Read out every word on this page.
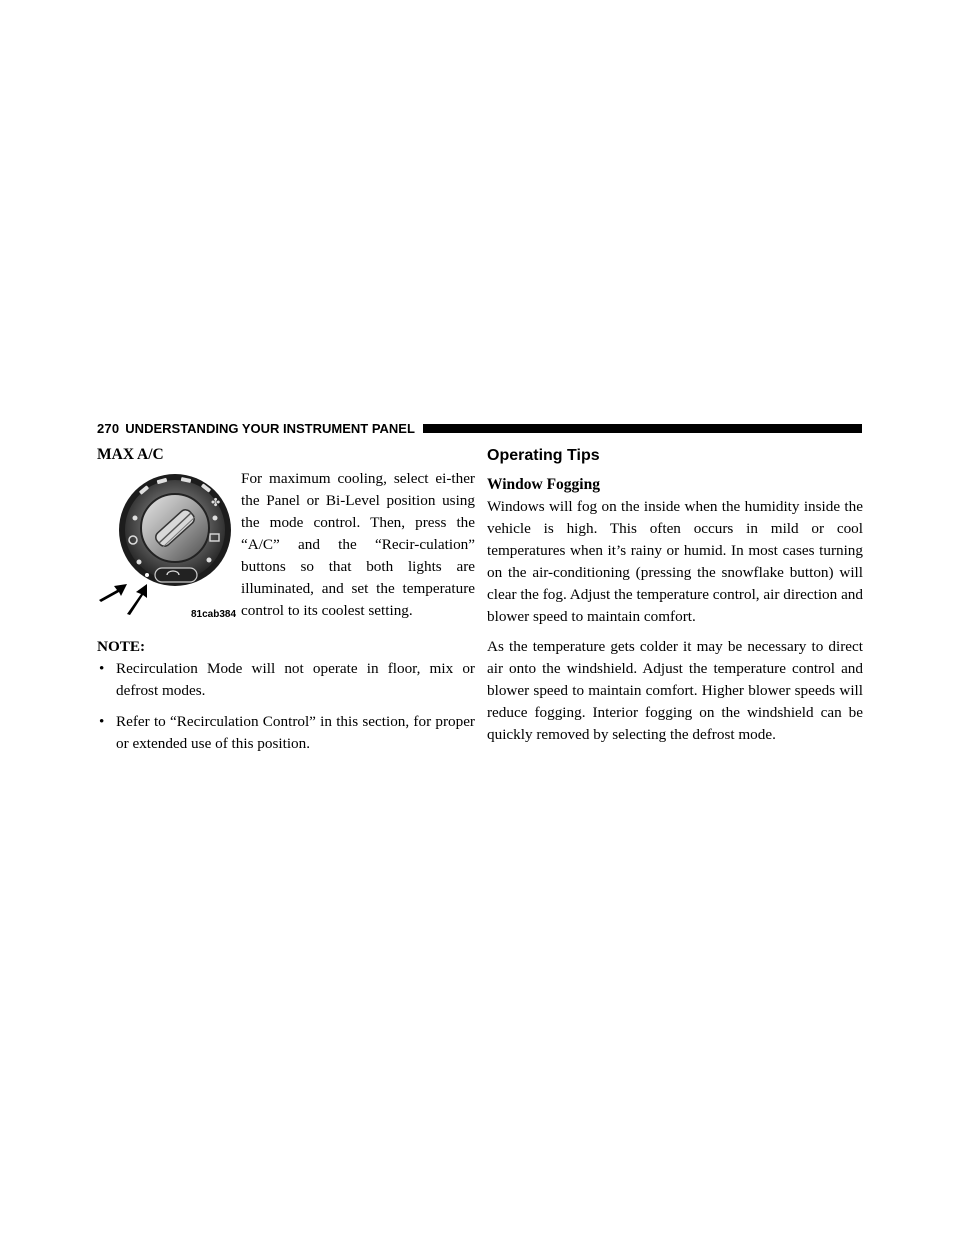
270 UNDERSTANDING YOUR INSTRUMENT PANEL
MAX A/C
✤
81cab384

For maximum cooling, select ei-ther the Panel or Bi-Level position using the mode control. Then, press the “A/C” and the “Recir-culation” buttons so that both lights are illuminated, and set the temperature control to its coolest setting.

NOTE:

• Recirculation Mode will not operate in floor, mix or defrost modes.
• Refer to “Recirculation Control” in this section, for proper or extended use of this position.
Operating Tips
Window Fogging

Windows will fog on the inside when the humidity inside the vehicle is high. This often occurs in mild or cool temperatures when it’s rainy or humid. In most cases turning on the air-conditioning (pressing the snowflake button) will clear the fog. Adjust the temperature control, air direction and blower speed to maintain comfort.

As the temperature gets colder it may be necessary to direct air onto the windshield. Adjust the temperature control and blower speed to maintain comfort. Higher blower speeds will reduce fogging. Interior fogging on the windshield can be quickly removed by selecting the defrost mode.
